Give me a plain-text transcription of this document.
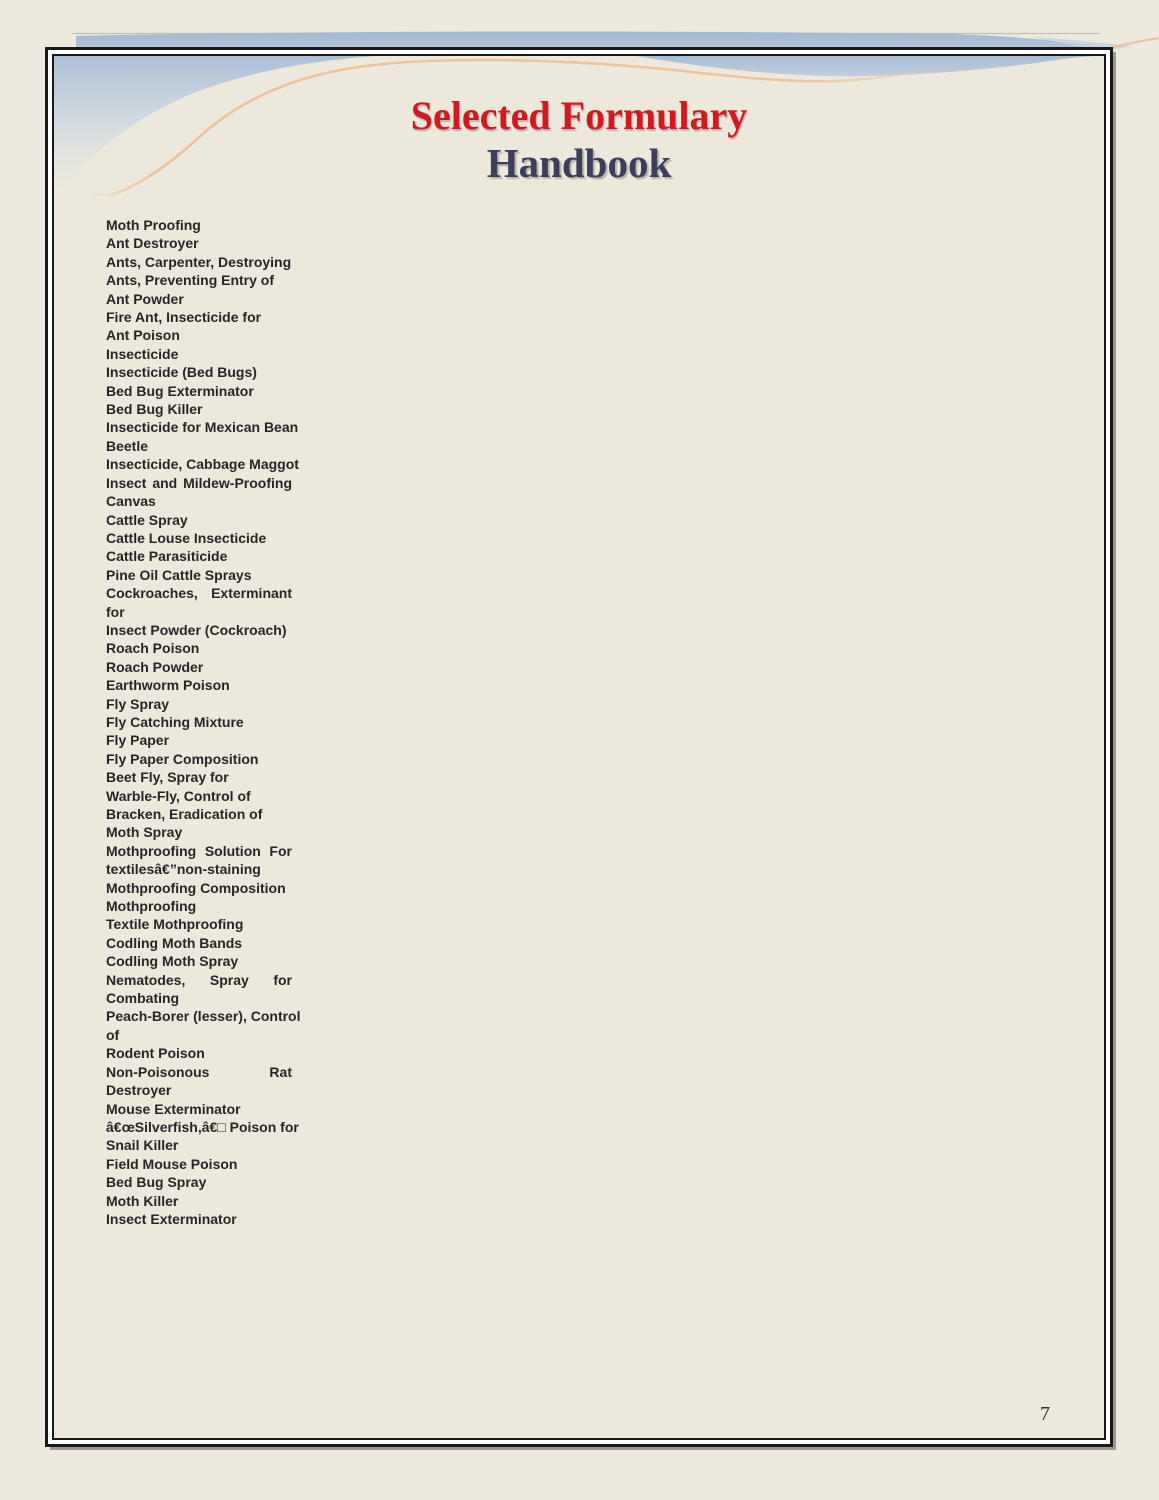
Selected Formulary
Handbook
Moth Proofing
Ant Destroyer
Ants, Carpenter, Destroying
Ants, Preventing Entry of
Ant Powder
Fire Ant, Insecticide for
Ant Poison
Insecticide
Insecticide (Bed Bugs)
Bed Bug Exterminator
Bed Bug Killer
Insecticide for Mexican Bean
Beetle
Insecticide, Cabbage Maggot
Insect and Mildew-Proofing
Canvas
Cattle Spray
Cattle Louse Insecticide
Cattle Parasiticide
Pine Oil Cattle Sprays
Cockroaches, Exterminant
for
Insect Powder (Cockroach)
Roach Poison
Roach Powder
Earthworm Poison
Fly Spray
Fly Catching Mixture
Fly Paper
Fly Paper Composition
Beet Fly, Spray for
Warble-Fly, Control of
Bracken, Eradication of
Moth Spray
Mothproofing Solution For
textilesâ€”non-staining
Mothproofing Composition
Mothproofing
Textile Mothproofing
Codling Moth Bands
Codling Moth Spray
Nematodes, Spray for
Combating
Peach-Borer (lesser), Control
of
Rodent Poison
Non-Poisonous Rat
Destroyer
Mouse Exterminator
â€œSilverfish,â€□ Poison for
Snail Killer
Field Mouse Poison
Bed Bug Spray
Moth Killer
Insect Exterminator
7
